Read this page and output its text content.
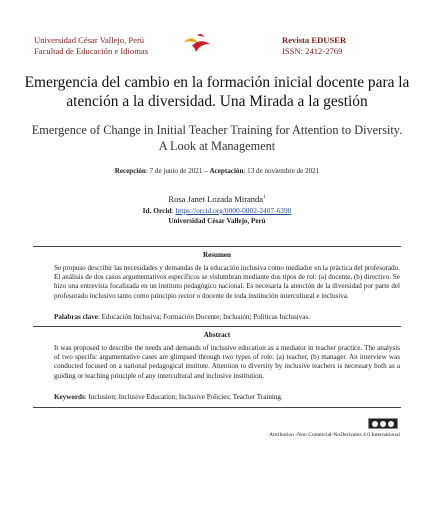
Universidad César Vallejo, Perú
Facultad de Educación e Idiomas
Revista EDUSER
ISSN: 2412-2769
Emergencia del cambio en la formación inicial docente para la atención a la diversidad. Una Mirada a la gestión
Emergence of Change in Initial Teacher Training for Attention to Diversity. A Look at Management
Recepción: 7 de junio de 2021 – Aceptación: 13 de noviembre de 2021
Rosa Janet Lozada Miranda$^1$
Id. Orcid: https://orcid.org/0000-0002-2407-6398
Universidad César Vallejo, Perú
Resumen
Se propuso describir las necesidades y demandas de la educación inclusiva como mediador en la práctica del profesorado. El análisis de dos casos argumentativos específicos se vislumbran mediante dos tipos de rol: (a) docente, (b) directivo. Se hizo una entrevista focalizada en un instituto pedagógico nacional. Es necesaria la atención de la diversidad por parte del profesorado inclusivo tanto como principio rector o docente de toda institución intercultural e inclusiva.
Palabras clave: Educación Inclusiva; Formación Docente; Inclusión; Políticas Inclusivas.
Abstract
It was proposed to describe the needs and demands of inclusive education as a mediator in teacher practice. The analysis of two specific argumentative cases are glimpsed through two types of role: (a) teacher, (b) manager. An interview was conducted focused on a national pedagogical institute. Attention to diversity by inclusive teachers is necessary both as a guiding or teaching principle of any intercultural and inclusive institution.
Keywords: Inclusion; Inclusive Education; Inclusive Policies; Teacher Training.
Attribution -Non Comercial-NoDerivates 4.0 International
